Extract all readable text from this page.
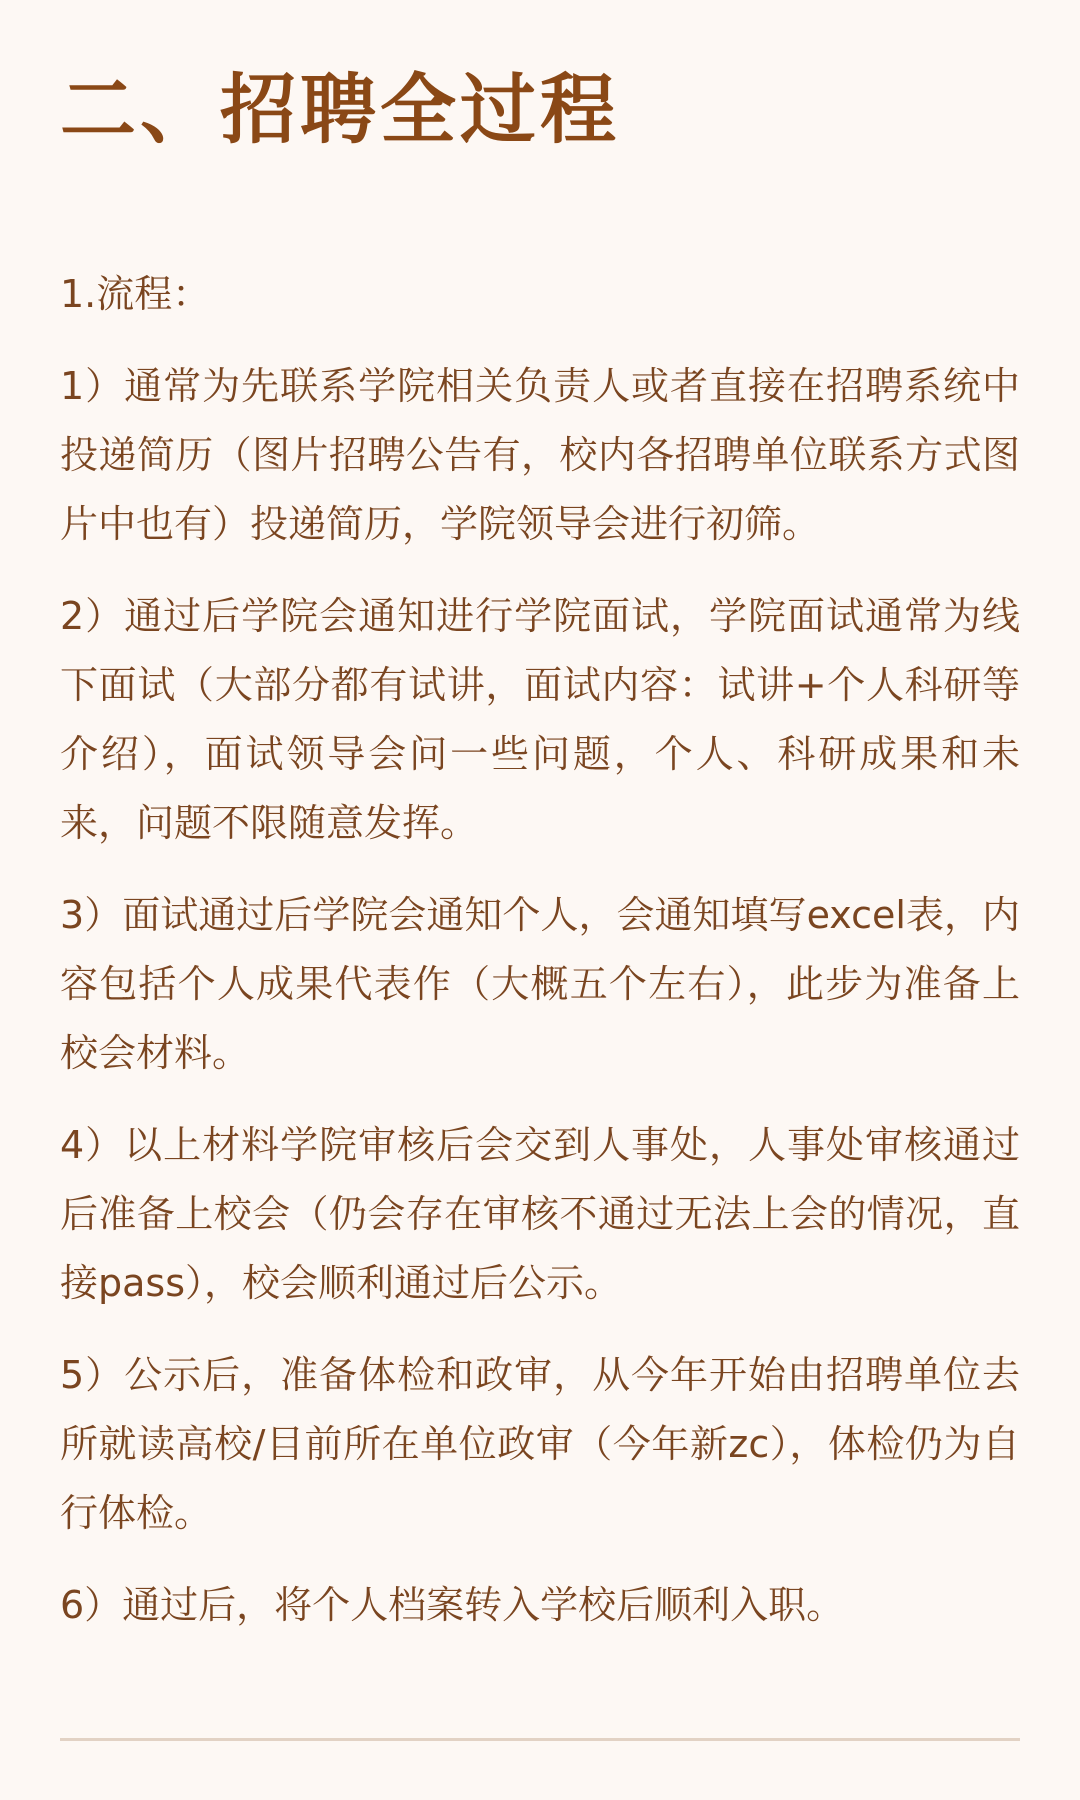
二、招聘全过程

1.流程：

1）通常为先联系学院相关负责人或者直接在招聘系统中投递简历（图片招聘公告有，校内各招聘单位联系方式图片中也有）投递简历，学院领导会进行初筛。
2）通过后学院会通知进行学院面试，学院面试通常为线下面试（大部分都有试讲，面试内容：试讲+个人科研等介绍），面试领导会问一些问题，个人、科研成果和未来，问题不限随意发挥。
3）面试通过后学院会通知个人，会通知填写excel表，内容包括个人成果代表作（大概五个左右），此步为准备上校会材料。
4）以上材料学院审核后会交到人事处，人事处审核通过后准备上校会（仍会存在审核不通过无法上会的情况，直接pass），校会顺利通过后公示。
5）公示后，准备体检和政审，从今年开始由招聘单位去所就读高校/目前所在单位政审（今年新zc），体检仍为自行体检。
6）通过后，将个人档案转入学校后顺利入职。
